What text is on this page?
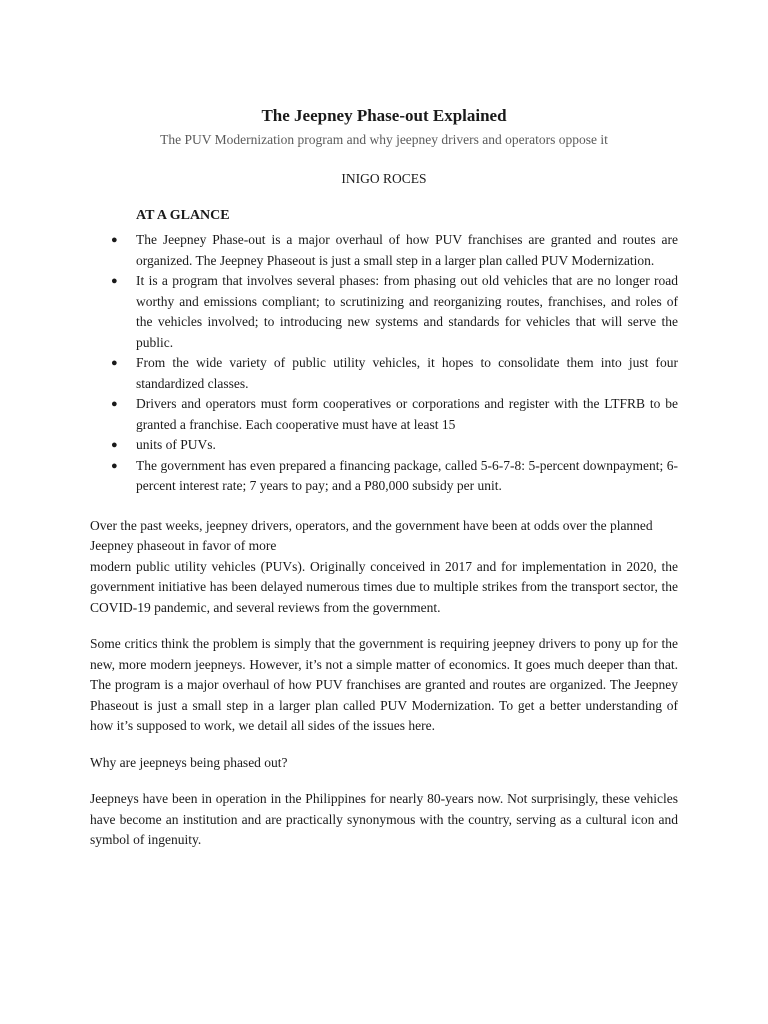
The Jeepney Phase-out Explained

The PUV Modernization program and why jeepney drivers and operators oppose it

INIGO ROCES

AT A GLANCE
● The Jeepney Phase-out is a major overhaul of how PUV franchises are granted and routes are organized. The Jeepney Phaseout is just a small step in a larger plan called PUV Modernization.
● It is a program that involves several phases: from phasing out old vehicles that are no longer road worthy and emissions compliant; to scrutinizing and reorganizing routes, franchises, and roles of the vehicles involved; to introducing new systems and standards for vehicles that will serve the public.
● From the wide variety of public utility vehicles, it hopes to consolidate them into just four standardized classes.
● Drivers and operators must form cooperatives or corporations and register with the LTFRB to be granted a franchise. Each cooperative must have at least 15
● units of PUVs.
● The government has even prepared a financing package, called 5-6-7-8: 5-percent downpayment; 6-percent interest rate; 7 years to pay; and a P80,000 subsidy per unit.

Over the past weeks, jeepney drivers, operators, and the government have been at odds over the planned Jeepney phaseout in favor of more
modern public utility vehicles (PUVs). Originally conceived in 2017 and for implementation in 2020, the government initiative has been delayed numerous times due to multiple strikes from the transport sector, the COVID-19 pandemic, and several reviews from the government.

Some critics think the problem is simply that the government is requiring jeepney drivers to pony up for the new, more modern jeepneys. However, it’s not a simple matter of economics. It goes much deeper than that. The program is a major overhaul of how PUV franchises are granted and routes are organized. The Jeepney Phaseout is just a small step in a larger plan called PUV Modernization. To get a better understanding of how it’s supposed to work, we detail all sides of the issues here.

Why are jeepneys being phased out?

Jeepneys have been in operation in the Philippines for nearly 80-years now. Not surprisingly, these vehicles have become an institution and are practically synonymous with the country, serving as a cultural icon and symbol of ingenuity.
